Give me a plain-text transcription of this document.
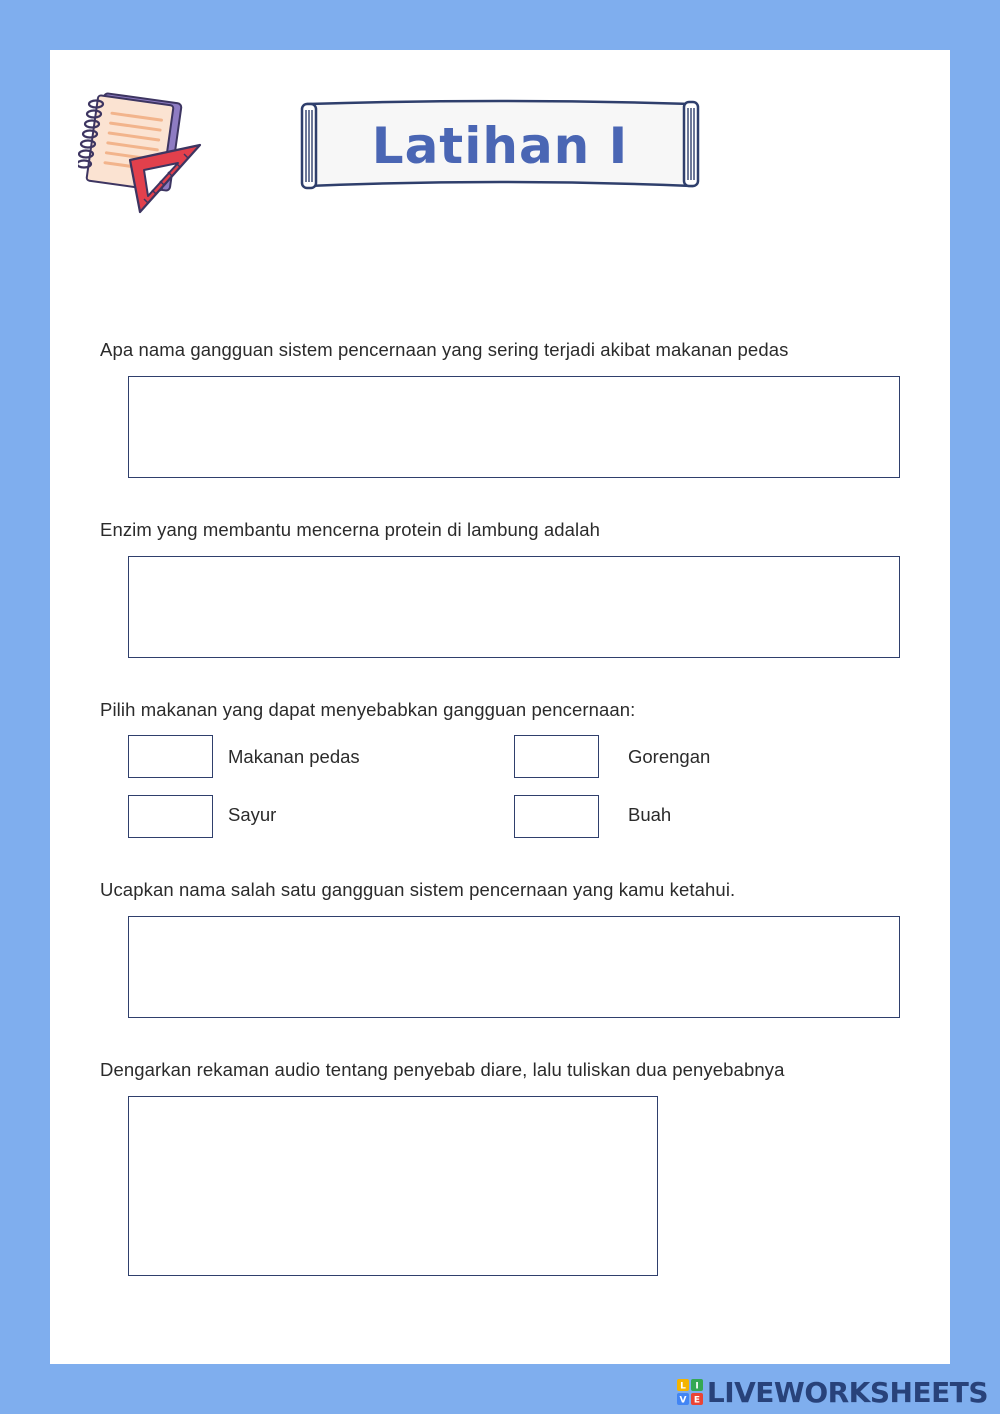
Latihan I
Apa nama gangguan sistem pencernaan yang sering terjadi akibat makanan pedas
Enzim yang membantu mencerna protein di lambung adalah
Pilih makanan yang dapat menyebabkan gangguan pencernaan:
Makanan pedas	Gorengan
Sayur	Buah
Ucapkan nama salah satu gangguan sistem pencernaan yang kamu ketahui.
Dengarkan rekaman audio tentang penyebab diare, lalu tuliskan dua penyebabnya
L I
V E LIVEWORKSHEETS
